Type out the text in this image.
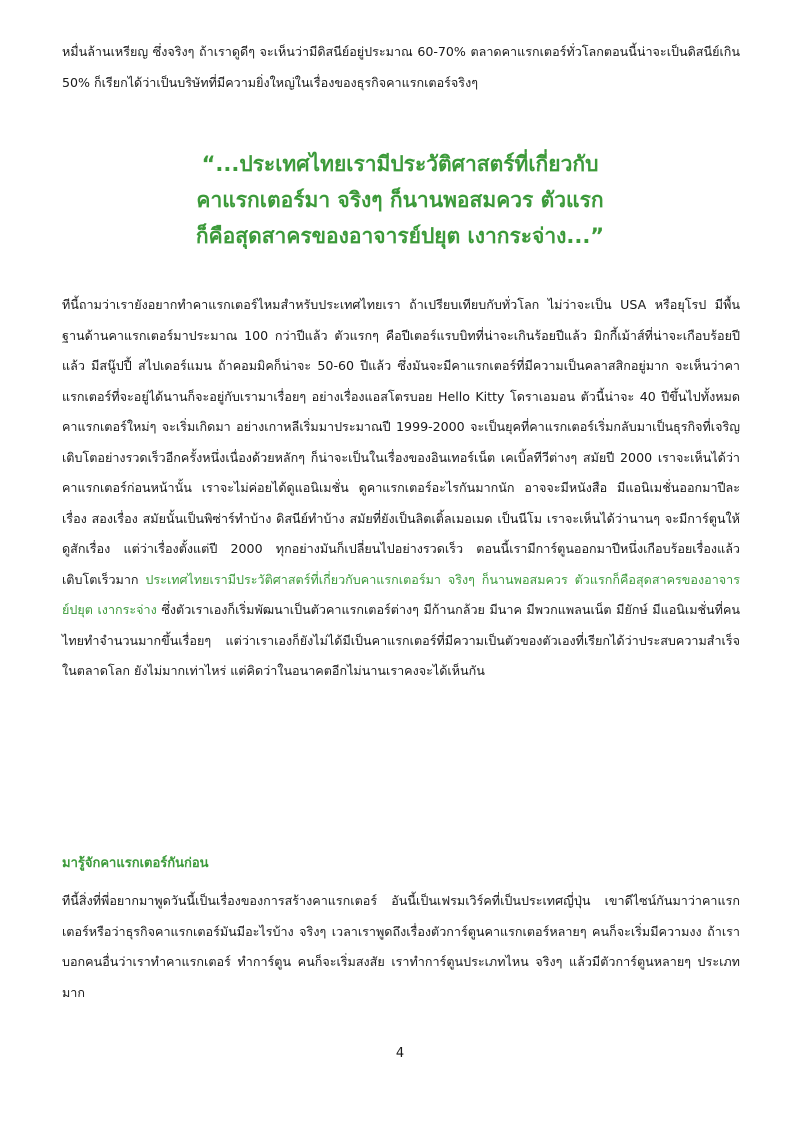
หมื่นล้านเหรียญ ซึ่งจริงๆ ถ้าเราดูดีๆ จะเห็นว่ามีดิสนีย์อยู่ประมาณ 60-70% ตลาดคาแรกเตอร์ทั่วโลกตอนนี้น่าจะเป็นดิสนีย์เกิน 50% ก็เรียกได้ว่าเป็นบริษัทที่มีความยิ่งใหญ่ในเรื่องของธุรกิจคาแรกเตอร์จริงๆ

“...ประเทศไทยเรามีประวัติศาสตร์ที่เกี่ยวกับ
คาแรกเตอร์มา จริงๆ ก็นานพอสมควร ตัวแรก
ก็คือสุดสาครของอาจารย์ปยุต เงากระจ่าง...”

ทีนี้ถามว่าเรายังอยากทำคาแรกเตอร์ไหมสำหรับประเทศไทยเรา ถ้าเปรียบเทียบกับทั่วโลก ไม่ว่าจะเป็น USA หรือยุโรป มีพื้นฐานด้านคาแรกเตอร์มาประมาณ 100 กว่าปีแล้ว ตัวแรกๆ คือปีเตอร์แรบบิทที่น่าจะเกินร้อยปีแล้ว มิกกี้เม้าส์ที่น่าจะเกือบร้อยปีแล้ว มีสนู๊ปปี้ สไปเดอร์แมน ถ้าคอมมิคก็น่าจะ 50-60 ปีแล้ว ซึ่งมันจะมีคาแรกเตอร์ที่มีความเป็นคลาสสิกอยู่มาก จะเห็นว่าคาแรกเตอร์ที่จะอยู่ได้นานก็จะอยู่กับเรามาเรื่อยๆ อย่างเรื่องแอสโตรบอย Hello Kitty โดราเอมอน ตัวนี้น่าจะ 40 ปีขึ้นไปทั้งหมด คาแรกเตอร์ใหม่ๆ จะเริ่มเกิดมา อย่างเกาหลีเริ่มมาประมาณปี 1999-2000 จะเป็นยุคที่คาแรกเตอร์เริ่มกลับมาเป็นธุรกิจที่เจริญเติบโตอย่างรวดเร็วอีกครั้งหนึ่งเนื่องด้วยหลักๆ ก็น่าจะเป็นในเรื่องของอินเทอร์เน็ต เคเบิ้ลทีวีต่างๆ สมัยปี 2000 เราจะเห็นได้ว่าคาแรกเตอร์ก่อนหน้านั้น เราจะไม่ค่อยได้ดูแอนิเมชั่น ดูคาแรกเตอร์อะไรกันมากนัก อาจจะมีหนังสือ มีแอนิเมชั่นออกมาปีละเรื่อง สองเรื่อง สมัยนั้นเป็นพิซ่าร์ทำบ้าง ดิสนีย์ทำบ้าง สมัยที่ยังเป็นลิตเติ้ลเมอเมด เป็นนีโม เราจะเห็นได้ว่านานๆ จะมีการ์ตูนให้ดูสักเรื่อง แต่ว่าเรื่องตั้งแต่ปี 2000 ทุกอย่างมันก็เปลี่ยนไปอย่างรวดเร็ว ตอนนี้เรามีการ์ตูนออกมาปีหนึ่งเกือบร้อยเรื่องแล้ว เติบโตเร็วมาก ประเทศไทยเรามีประวัติศาสตร์ที่เกี่ยวกับคาแรกเตอร์มา จริงๆ ก็นานพอสมควร ตัวแรกก็คือสุดสาครของอาจารย์ปยุต เงากระจ่าง ซึ่งตัวเราเองก็เริ่มพัฒนาเป็นตัวคาแรกเตอร์ต่างๆ มีก้านกล้วย มีนาค มีพวกแพลนเน็ต มียักษ์ มีแอนิเมชั่นที่คนไทยทำจำนวนมากขึ้นเรื่อยๆ แต่ว่าเราเองก็ยังไม่ได้มีเป็นคาแรกเตอร์ที่มีความเป็นตัวของตัวเองที่เรียกได้ว่าประสบความสำเร็จในตลาดโลก ยังไม่มากเท่าไหร่ แต่คิดว่าในอนาคตอีกไม่นานเราคงจะได้เห็นกัน

มารู้จักคาแรกเตอร์กันก่อน

ทีนี้สิ่งที่พี่อยากมาพูดวันนี้เป็นเรื่องของการสร้างคาแรกเตอร์ อันนี้เป็นเฟรมเวิร์คที่เป็นประเทศญี่ปุ่น เขาดีไซน์กันมาว่าคาแรกเตอร์หรือว่าธุรกิจคาแรกเตอร์มันมีอะไรบ้าง จริงๆ เวลาเราพูดถึงเรื่องตัวการ์ตูนคาแรกเตอร์หลายๆ คนก็จะเริ่มมีความงง ถ้าเราบอกคนอื่นว่าเราทำคาแรกเตอร์ ทำการ์ตูน คนก็จะเริ่มสงสัย เราทำการ์ตูนประเภทไหน จริงๆ แล้วมีตัวการ์ตูนหลายๆ ประเภทมาก

4
